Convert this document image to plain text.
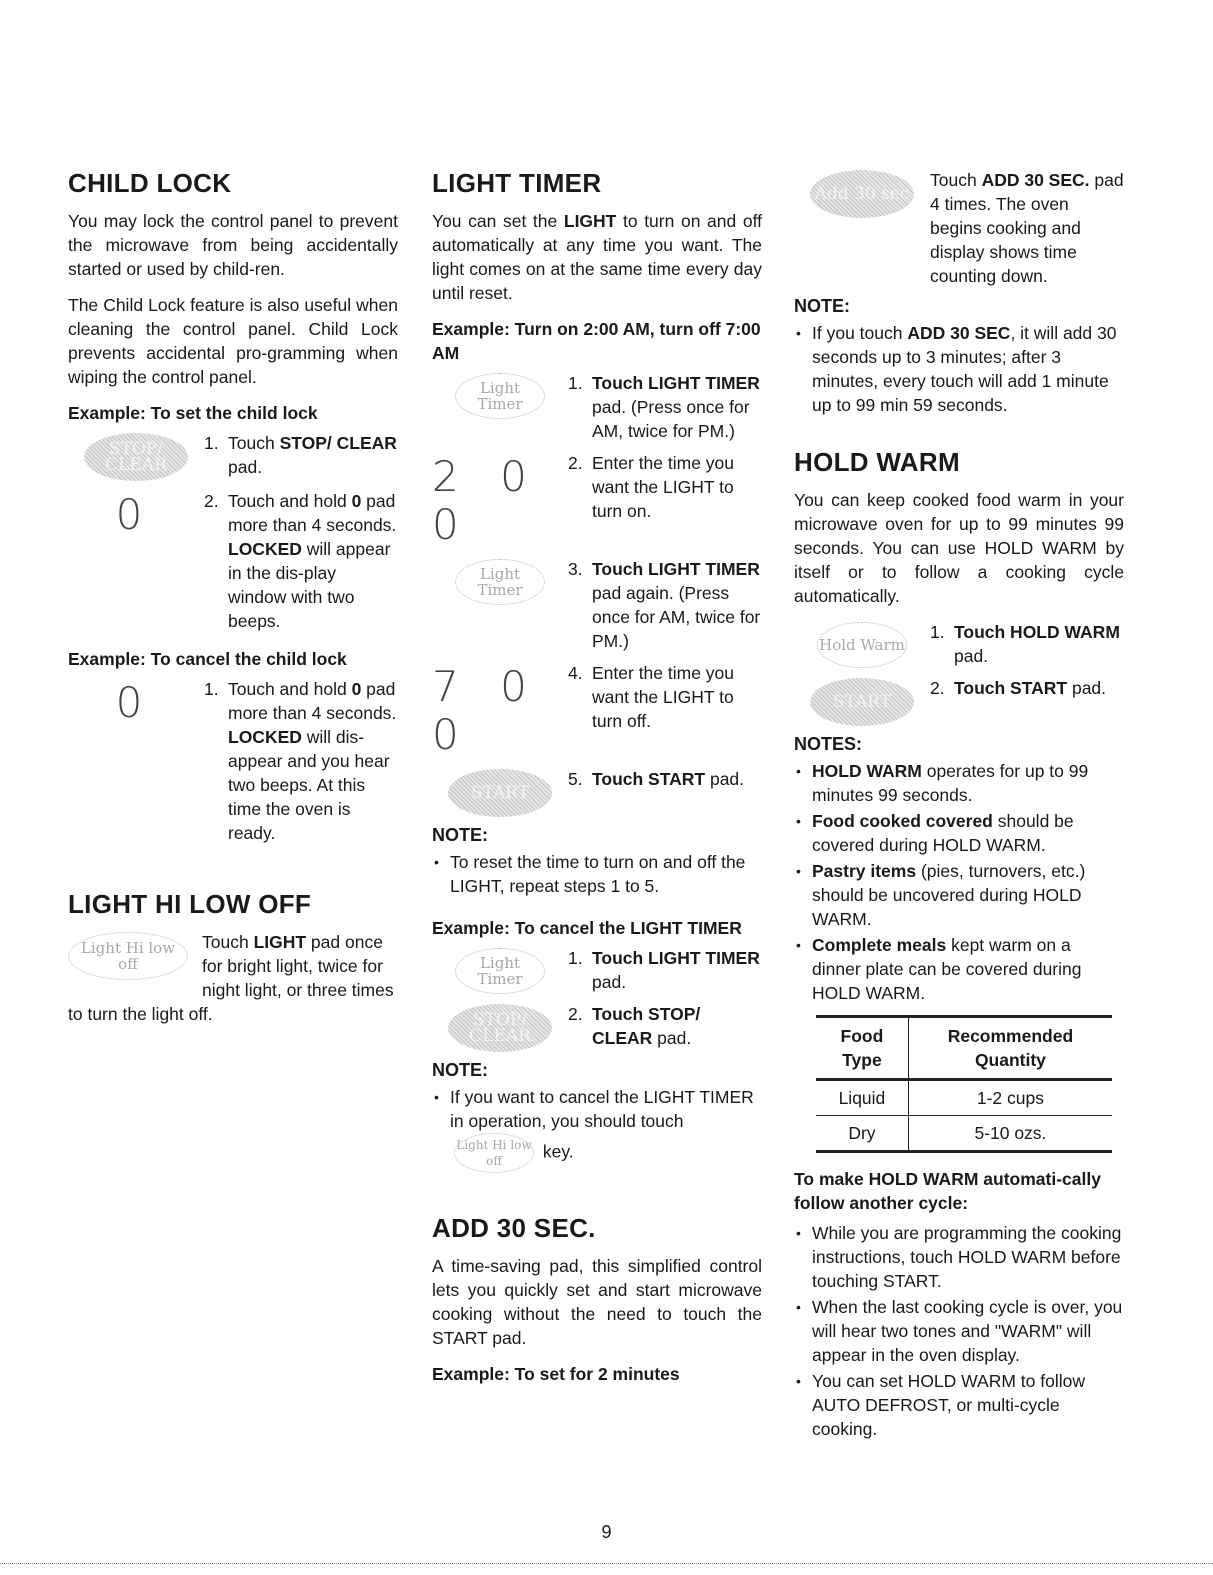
CHILD LOCK

You may lock the control panel to prevent the microwave from being accidentally started or used by child-ren.

The Child Lock feature is also useful when cleaning the control panel. Child Lock prevents accidental pro-gramming when wiping the control panel.

Example: To set the child lock
STOP/ CLEAR
1. Touch STOP/ CLEAR pad.
0	2. Touch and hold 0 pad more than 4 seconds.
LOCKED will appear in the dis-play window with two beeps.
Example: To cancel the child lock
0	1. Touch and hold 0 pad more than 4 seconds.
LOCKED will dis-appear and you hear two beeps. At this time the oven is ready.
LIGHT HI LOW OFF
Light Hi low off
Touch LIGHT pad once for bright light, twice for night light, or three times to turn the light off.
LIGHT TIMER

You can set the LIGHT to turn on and off automatically at any time you want. The light comes on at the same time every day until reset.

Example: Turn on 2:00 AM, turn off 7:00 AM
Light Timer
1. Touch LIGHT TIMER pad. (Press once for AM, twice for PM.)
2 0 0
2. Enter the time you want the LIGHT to turn on.
Light Timer
3. Touch LIGHT TIMER pad again. (Press once for AM, twice for PM.)
7 0 0
4. Enter the time you want the LIGHT to turn off.
START
5. Touch START pad.
NOTE:
• To reset the time to turn on and off the LIGHT, repeat steps 1 to 5.
Example: To cancel the LIGHT TIMER
Light Timer
1. Touch LIGHT TIMER pad.
STOP/ CLEAR
2. Touch STOP/ CLEAR pad.
NOTE:
• If you want to cancel the LIGHT TIMER in operation, you should touch Light Hi low off key.
ADD 30 SEC.

A time-saving pad, this simplified control lets you quickly set and start microwave cooking without the need to touch the START pad.

Example: To set for 2 minutes
Add 30 sec
Touch ADD 30 SEC. pad 4 times. The oven begins cooking and display shows time counting down.
NOTE:
• If you touch ADD 30 SEC, it will add 30 seconds up to 3 minutes; after 3 minutes, every touch will add 1 minute up to 99 min 59 seconds.
HOLD WARM

You can keep cooked food warm in your microwave oven for up to 99 minutes 99 seconds. You can use HOLD WARM by itself or to follow a cooking cycle automatically.

Hold Warm
1. Touch HOLD WARM pad.
START
2. Touch START pad.
NOTES:
• HOLD WARM operates for up to 99 minutes 99 seconds.
• Food cooked covered should be covered during HOLD WARM.
• Pastry items (pies, turnovers, etc.) should be uncovered during HOLD WARM.
• Complete meals kept warm on a dinner plate can be covered during HOLD WARM.
Food Type	Recommended Quantity
Liquid	1-2 cups
Dry	5-10 ozs.
To make HOLD WARM automati-cally follow another cycle:
• While you are programming the cooking instructions, touch HOLD WARM before touching START.
• When the last cooking cycle is over, you will hear two tones and "WARM" will appear in the oven display.
• You can set HOLD WARM to follow AUTO DEFROST, or multi-cycle cooking.
9
